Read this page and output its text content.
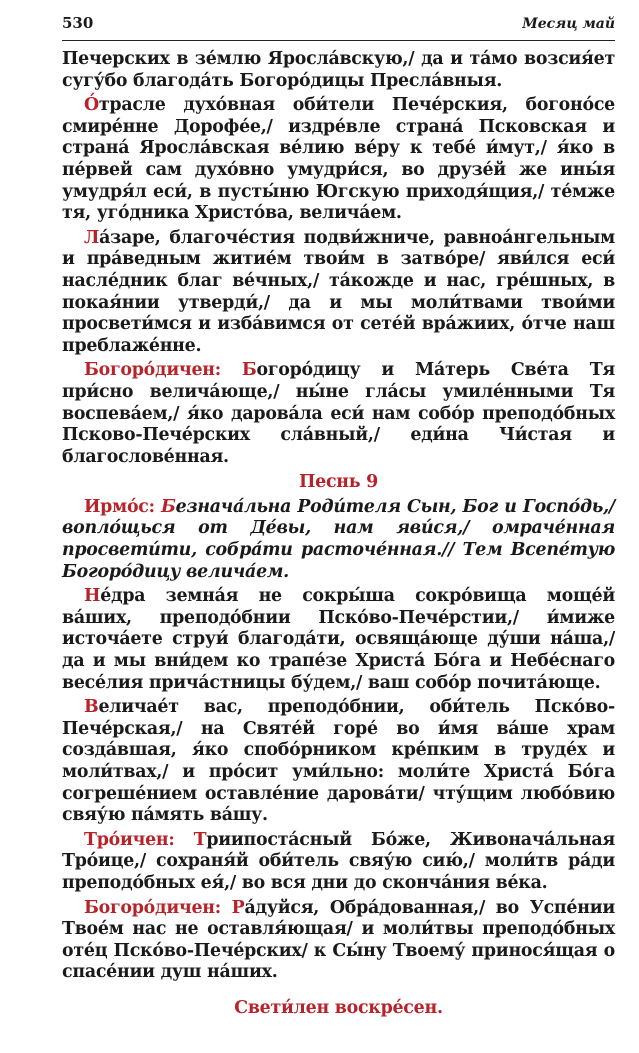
530	Месяц май

Печерских в зе́млю Яросла́вскую,/ да и та́мо возсия́ет сугу́бо благода́ть Богоро́дицы Пресла́вныя.

О́трасле духо́вная оби́тели Пече́рския, богоно́се смире́нне Дорофе́е,/ издре́вле страна́ Псковская и страна́ Яросла́вская ве́лию ве́ру к тебе́ и́мут,/ я́ко в пе́рвей сам духо́вно умудри́ся, во друзе́й же ины́я умудря́л еси́, в пусты́ню Югскую приходя́щия,/ те́мже тя, уго́дника Христо́ва, велича́ем.

Ла́заре, благоче́стия подви́жниче, равноа́нгельным и пра́ведным житие́м твои́м в затво́ре/ яви́лся еси́ насле́дник благ ве́чных,/ та́кожде и нас, гре́шных, в покая́нии утверди́,/ да и мы моли́твами твои́ми просвети́мся и изба́вимся от сете́й вра́жиих, о́тче наш преблаже́нне.

Богоро́дичен: Богоро́дицу и Ма́терь Све́та Тя при́сно велича́юще,/ ны́не гла́сы умиле́нными Тя воспева́ем,/ я́ко дарова́ла еси́ нам собо́р преподо́бных Псково-Пече́рских сла́вный,/ еди́на Чи́стая и благослове́нная.

Песнь 9

Ирмо́с: Безнача́льна Роди́теля Сын, Бог и Госпо́дь,/ вопло́щься от Де́вы, нам яви́ся,/ омраче́нная просвети́ти, собра́ти расточе́нная.// Тем Всепе́тую Богоро́дицу велича́ем.

Не́дра земна́я не сокры́ша сокро́вища моще́й ва́ших, преподо́бнии Пско́во-Пече́рстии,/ и́миже источа́ете струи́ благода́ти, освяща́юще ду́ши на́ша,/ да и мы вни́дем ко трапе́зе Христа́ Бо́га и Небе́снаго весе́лия прича́стницы бу́дем,/ ваш собо́р почита́юще.

Величае́т вас, преподо́бнии, оби́тель Пско́во-Пече́рская,/ на Святе́й горе́ во и́мя ва́ше храм созда́вшая, я́ко спобо́рником кре́пким в труде́х и моли́твах,/ и про́сит уми́льно: моли́те Христа́ Бо́га согреше́нием оставле́ние дарова́ти/ чту́щим любо́вию свяу́ю па́мять ва́шу.

Тро́ичен: Триипоста́сный Бо́же, Живонача́льная Тро́ице,/ сохраня́й оби́тель свяу́ю сию́,/ моли́тв ра́ди преподо́бных ея́,/ во вся дни до сконча́ния ве́ка.

Богоро́дичен: Ра́дуйся, Обра́дованная,/ во Успе́нии Твое́м нас не оставля́ющая/ и моли́твы преподо́бных оте́ц Пско́во-Пече́рских/ к Сы́ну Твоему́ принося́щая о спасе́нии душ на́ших.

Свети́лен воскре́сен.
